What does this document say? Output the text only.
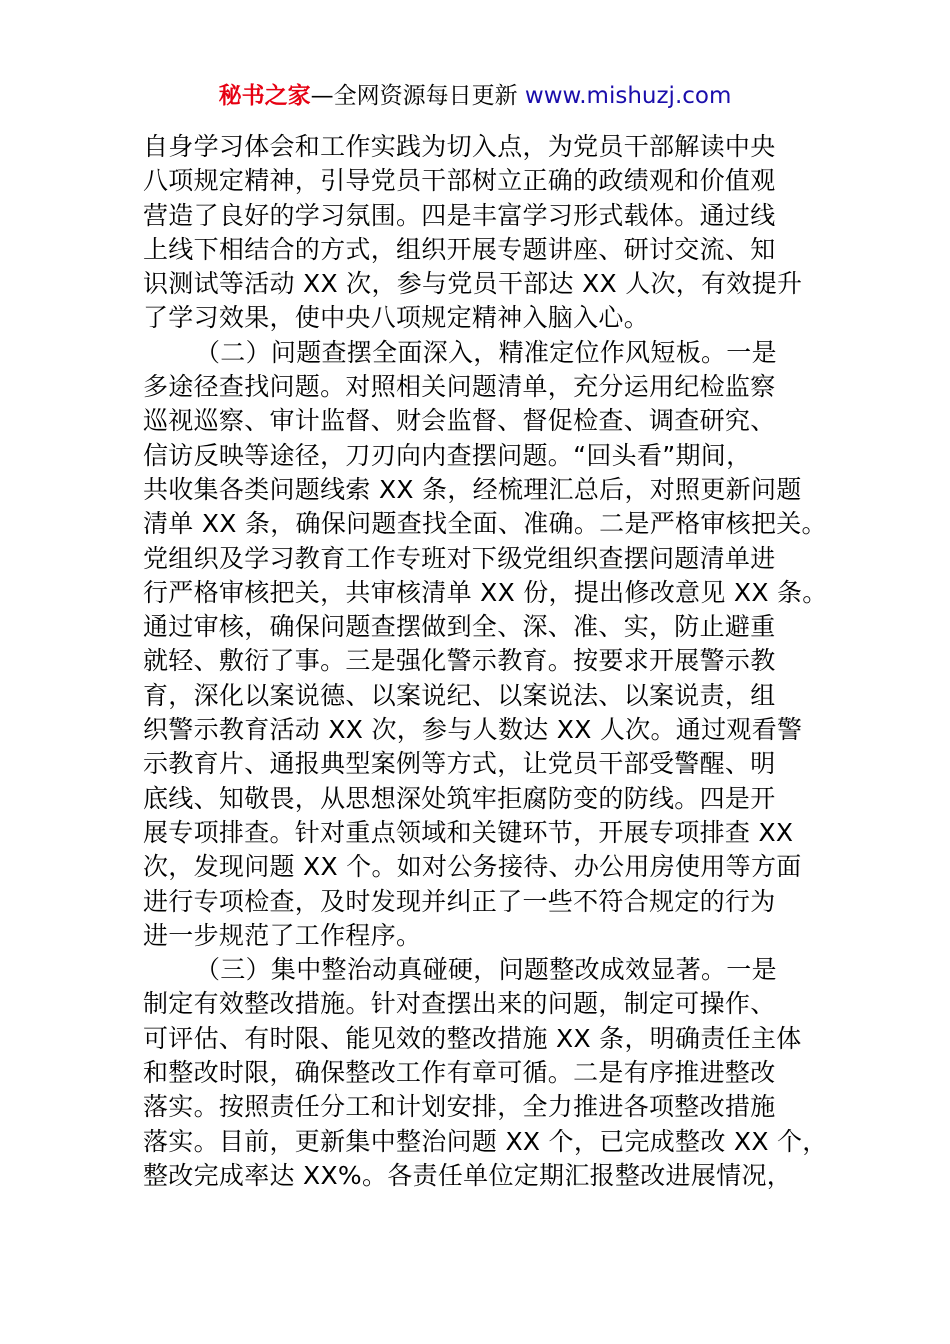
秘书之家—全网资源每日更新 www.mishuzj.com
自身学习体会和工作实践为切入点，为党员干部解读中央
八项规定精神，引导党员干部树立正确的政绩观和价值观
营造了良好的学习氛围。四是丰富学习形式载体。通过线
上线下相结合的方式，组织开展专题讲座、研讨交流、知
识测试等活动 XX 次，参与党员干部达 XX 人次，有效提升
了学习效果，使中央八项规定精神入脑入心。
（二）问题查摆全面深入，精准定位作风短板。一是
多途径查找问题。对照相关问题清单，充分运用纪检监察
巡视巡察、审计监督、财会监督、督促检查、调查研究、
信访反映等途径，刀刃向内查摆问题。“回头看”期间，
共收集各类问题线索 XX 条，经梳理汇总后，对照更新问题
清单 XX 条，确保问题查找全面、准确。二是严格审核把关。
党组织及学习教育工作专班对下级党组织查摆问题清单进
行严格审核把关，共审核清单 XX 份，提出修改意见 XX 条。
通过审核，确保问题查摆做到全、深、准、实，防止避重
就轻、敷衍了事。三是强化警示教育。按要求开展警示教
育，深化以案说德、以案说纪、以案说法、以案说责，组
织警示教育活动 XX 次，参与人数达 XX 人次。通过观看警
示教育片、通报典型案例等方式，让党员干部受警醒、明
底线、知敬畏，从思想深处筑牢拒腐防变的防线。四是开
展专项排查。针对重点领域和关键环节，开展专项排查 XX
次，发现问题 XX 个。如对公务接待、办公用房使用等方面
进行专项检查，及时发现并纠正了一些不符合规定的行为
进一步规范了工作程序。
（三）集中整治动真碰硬，问题整改成效显著。一是
制定有效整改措施。针对查摆出来的问题，制定可操作、
可评估、有时限、能见效的整改措施 XX 条，明确责任主体
和整改时限，确保整改工作有章可循。二是有序推进整改
落实。按照责任分工和计划安排，全力推进各项整改措施
落实。目前，更新集中整治问题 XX 个，已完成整改 XX 个，
整改完成率达 XX%。各责任单位定期汇报整改进展情况，
